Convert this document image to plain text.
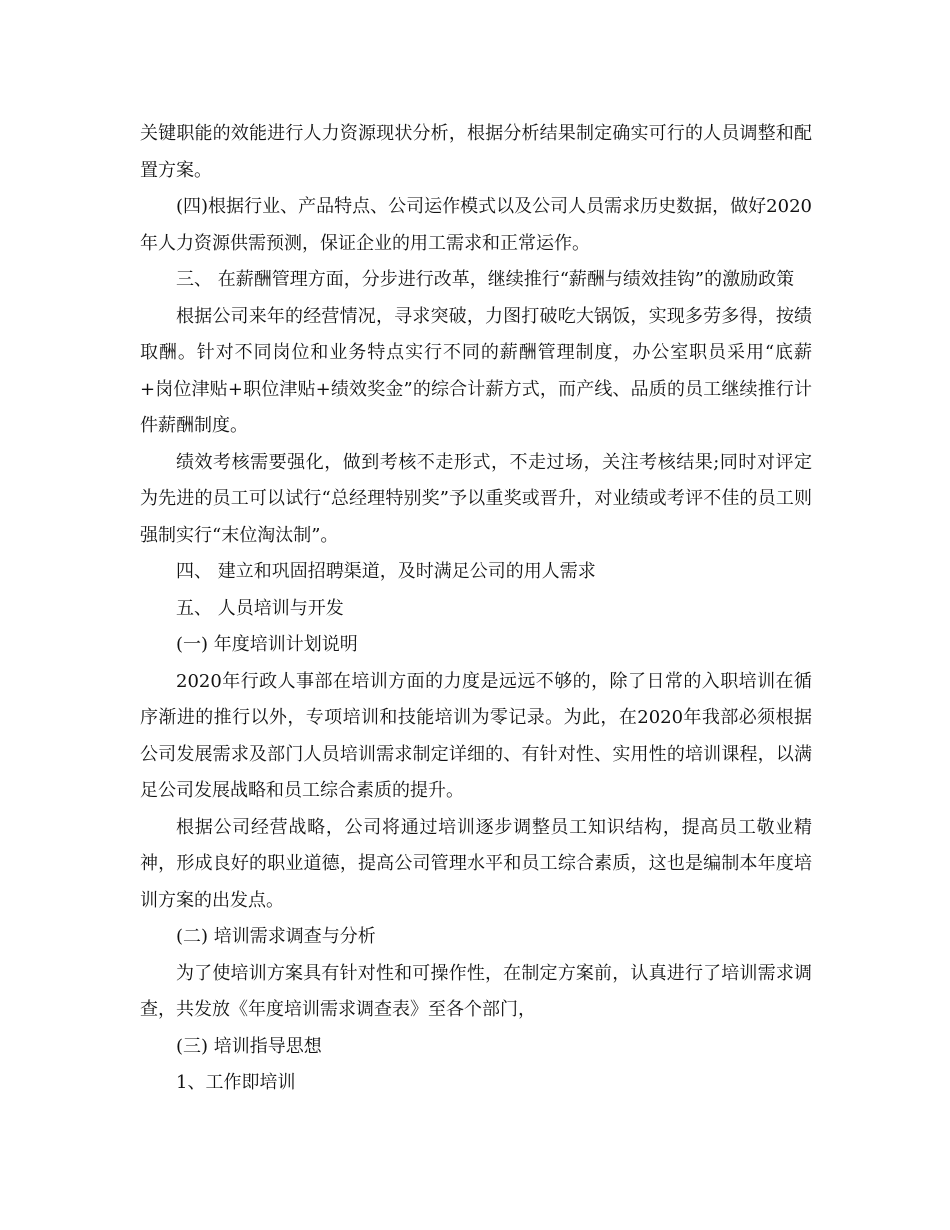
关键职能的效能进行人力资源现状分析，根据分析结果制定确实可行的人员调整和配置方案。

(四)根据行业、产品特点、公司运作模式以及公司人员需求历史数据，做好2020年人力资源供需预测，保证企业的用工需求和正常运作。

三、 在薪酬管理方面，分步进行改革，继续推行“薪酬与绩效挂钩”的激励政策

根据公司来年的经营情况，寻求突破，力图打破吃大锅饭，实现多劳多得，按绩取酬。针对不同岗位和业务特点实行不同的薪酬管理制度，办公室职员采用“底薪+岗位津贴+职位津贴+绩效奖金”的综合计薪方式，而产线、品质的员工继续推行计件薪酬制度。

绩效考核需要强化，做到考核不走形式，不走过场，关注考核结果;同时对评定为先进的员工可以试行“总经理特别奖”予以重奖或晋升，对业绩或考评不佳的员工则强制实行“末位淘汰制”。

四、 建立和巩固招聘渠道，及时满足公司的用人需求

五、 人员培训与开发

(一) 年度培训计划说明

2020年行政人事部在培训方面的力度是远远不够的，除了日常的入职培训在循序渐进的推行以外，专项培训和技能培训为零记录。为此，在2020年我部必须根据公司发展需求及部门人员培训需求制定详细的、有针对性、实用性的培训课程，以满足公司发展战略和员工综合素质的提升。

根据公司经营战略，公司将通过培训逐步调整员工知识结构，提高员工敬业精神，形成良好的职业道德，提高公司管理水平和员工综合素质，这也是编制本年度培训方案的出发点。

(二) 培训需求调查与分析

为了使培训方案具有针对性和可操作性，在制定方案前，认真进行了培训需求调查，共发放《年度培训需求调查表》至各个部门，

(三) 培训指导思想

1、工作即培训
